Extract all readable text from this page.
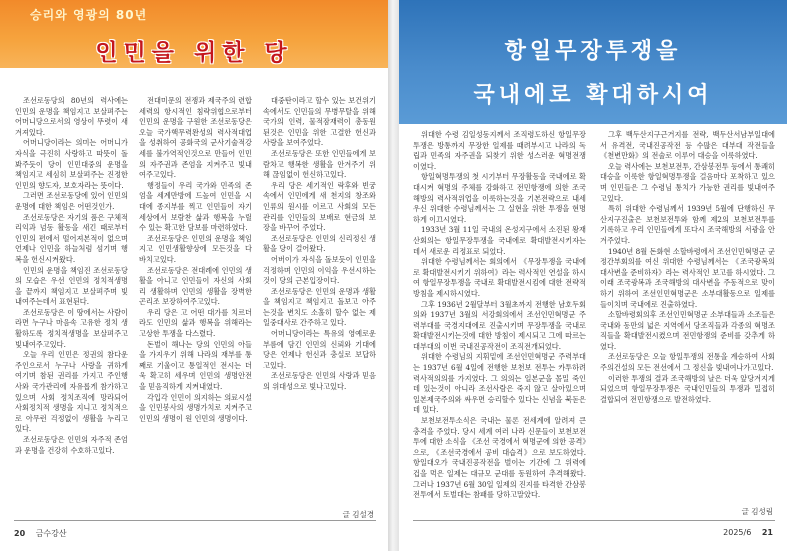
승리와 영광의 80년
인민을 위한 당

조선로동당의 80년의 력사에는 인민의 운명을 책임지고 보살펴주는 어머니당으로서의 영상이 뚜렷이 새겨져있다.

어머니당이라는 의미는 어머니가 자식을 극진히 사랑하고 따뜻이 돌봐주듯이 당이 인민대중의 운명을 책임지고 세심히 보살펴주는 진정한 인민의 향도자, 보호자라는 뜻이다.

그러면 조선로동당에 있어 인민의 운명에 대한 책임은 어떤것인가.

조선로동당은 자기의 품은 구체적 리익과 넘동 활동을 새긴 때로부터 인민의 편에서 떨어져본적이 없으며 언제나 인민을 하늘처럼 섬기며 행복을 헌신시켜왔다.

인민의 운명을 책임진 조선로동당의 모습은 우선 인민의 정치적생명을 끝까지 책임지고 보살펴주며 빛내여주는데서 표현된다.

조선로동당은 이 땅에서는 사람이라면 누구나 마음속 고유한 정치 생활하도록 정치적생명을 보살펴주고 빛내여주고있다.

오늘 우리 인민은 정권의 참다운 주인으로서 누구나 사랑을 귀하게 여기며 참된 권리를 가지고 주인행사와 국가관리에 자유롭게 참가하고있으며 사회 정치조직에 망라되어 사회정치적 생명을 지니고 정치적으로 아무런 걱정없이 생활을 누리고있다.

조선로동당은 인민의 자주적 존엄과 운명을 건강히 수호하고있다.

전대미문의 전쟁과 제국주의 련합세력의 항시적인 침략위협으로부터 인민의 운명을 구원한 조선로동당은 오늘 국가핵무력완성의 력사적대업을 성취하여 공화국의 군사기술적강세를 불가역적인것으로 만들어 인민의 자주권과 존엄을 지켜주고 빛내여주고있다.

행정들이 우리 국가와 민족의 존엄을 세계만방에 드높여 인민을 시대에 종지부를 찍고 인민들이 자기 세상에서 보람찬 삶과 행복을 누릴수 있는 확고한 담보를 마련하였다.

조선로동당은 인민의 운명을 책임지고 인민생활향상에 모든것을 다 바치고있다.

조선로동당은 전대례에 인민의 생활을 아니고 인민들이 자신의 사회리 생활하며 인민의 생활을 장벽한 곤리조 보장하여주고있다.

우리 당은 고 어떤 대가를 치르더라도 인민의 삶과 행복을 위해라는 고상한 투쟁을 다스렸다.

돈벌이 해나는 당의 인민의 아들을 가지우기 위해 나라의 재부를 통째로 기울이고 통일적인 전시는 더욱 확고히 세우며 인민의 생명안전을 믿음직하게 지켜내였다.

각입각 인민이 의지하는 의료시설을 인민봉사의 생명가치로 지켜주고 인민의 생명이 원 인민의 생명이다.

대중탄이라고 할수 있는 보건위기속에서도 인민들의 무병무탈을 위해 국가의 인력, 물적잠재력이 총동원된것은 인민을 위한 고결한 헌신과 사랑을 보여주었다.

조선로동당은 또한 인민들에게 보람차고 행복한 생활을 안겨주기 위해 끊임없이 헌신하고있다.

우리 당은 세기적인 락후와 빈궁속에서 인민에게 새 천지의 창조와 인류의 원시를 이르고 사회의 모든 관리를 인민들의 보배로 현금의 보장을 바꾸어 주었다.

조선로동당은 인민의 신리정신 생활을 당이 걸어왔다.

어버이가 자식을 돌보듯이 인민을 걱정하며 인민의 이익을 우선시하는 것이 당의 근본입장이다.

조선로동당은 인민의 운명과 생활을 책임지고 책임지고 돌보고 아주는것을 변치도 소홀히 할수 없는 제일중대사로 간주하고 있다.

어머니당이라는 특유의 영예로운 부름에 담긴 인민의 신뢰와 기대에 당은 언제나 헌신과 충실로 보답하고있다.

조선로동당은 인민의 사랑과 믿음의 위대성으로 빛나고있다.

글 김설경
20 금수강산
항일무장투쟁을
국내에로 확대하시여

위대한 수령 김일성동지께서 조직령도하신 항일무장투쟁은 방통까지 무장한 일제를 때려부시고 나라의 독립과 민족의 자주권을 되찾기 위한 성스러운 혁명전쟁이였다.

항일혁명투쟁의 첫 시기부터 무장활동을 국내에로 확대시켜 혁명의 주체를 강화하고 전민항쟁에 의한 조국해방의 력사적위업을 이룩하는것을 기본전략으로 내세우신 위대한 수령님께서는 그 실현을 위한 투쟁을 현명하게 이끄시였다.

1933년 3월 11일 국내의 온성지구에서 소진된 왕재산회의는 항일무장투쟁을 국내에로 확대발전시키자는데서 새로운 리정표로 되었다.

위대한 수령님께서는 회의에서 《무장투쟁을 국내에로 확대발전시키기 위하여》라는 력사적인 연설을 하시여 항일무장투쟁을 국내로 확대발전시킴에 대한 전략적방침을 제시하시였다.

그후 1936년 2월달부터 3월초까지 전행한 남호두회의와 1937년 3월의 서강회의에서 조선인민혁명군 주력부대를 국경지대에로 진출시키며 무장투쟁을 국내로 확대발전시키는것에 대한 방침이 제시되고 그에 따르는 대부대의 이번 국내진공작전이 조직전개되었다.

위대한 수령님의 지휘밑에 조선인민혁명군 주력부대는 1937년 6월 4일에 전행한 보천보 전투는 카투하려 력사적의의를 가지였다. 그 의의는 일본군을 몰밀 죽인데 있는것이 아니라 조선사람은 죽지 않고 살아있으며 일본제국주의와 싸우면 승리할수 있다는 신념을 북돋은데 있다.

보천보전투소식은 국내는 물론 전세계에 알려져 큰 충격을 주었다. 당시 세계 여러 나라 신문들이 보천보전투에 대한 소식을 《조선 국경에서 혁명군에 의한 공격》으로, 《조선국경에서 공비 대습격》으로 보도하였다. 항일대오가 국내진공작전을 벌이는 기간에 그 위력에 겁을 먹은 일제는 대규모 군대를 동원하여 추격해왔다. 그러나 1937년 6월 30일 일제의 진지를 타격한 간삼봉전투에서 토벌대는 참패를 당하고말았다.

그후 백두산지구근거지를 전략, 백두산서남부일대에서 유격전, 국내진공작전 등 수많은 대부대 작전들을 《천변만화》의 전술로 이루어 대승을 이룩하였다.

오늘 력사에는 보천보전투, 간삼봉전투 등에서 통쾌히 대승을 이룩한 항일혁명투쟁을 걸음마다 포착하고 있으며 인민들은 그 수령님 통치가 가능한 권리를 빛내여주고있다.

특히 위대한 수령님께서 1939년 5월에 단행하신 무산지구진출은 보천보전투와 함께 제2의 보천보전투를 기록하고 우리 인민들에게 또다시 조국해방의 서광을 안겨주었다.

1940년 8월 돈화현 소할바령에서 조선인민혁명군 군정간부회의를 여신 위대한 수령님께서는 《조국광복의 대사변을 준비하자》라는 력사적인 보고를 하시였다. 그 이래 조국광복과 조국해방의 대사변을 주동적으로 맞이하기 위하여 조선인민혁명군은 소부대활동으로 일제를 들이치며 국내에로 진출하였다.

소할바령회의후 조선인민혁명군 소부대들과 소조들은 국내와 동만의 넓은 지역에서 당조직들과 각종의 혁명조직들을 확대발전시켰으며 전민항쟁의 준비를 갖추게 하였다.

조선로동당은 오늘 항일투쟁의 전통을 계승하여 사회주의건설의 모든 전선에서 그 정신을 빛내여나가고있다.

이러한 투쟁의 결과 조국해방의 날은 더욱 앞당겨지게 되었으며 항일무장투쟁은 국내인민들의 투쟁과 밀접히 결합되여 전민항쟁으로 발전하였다.

글 김성림
2025/6 21
